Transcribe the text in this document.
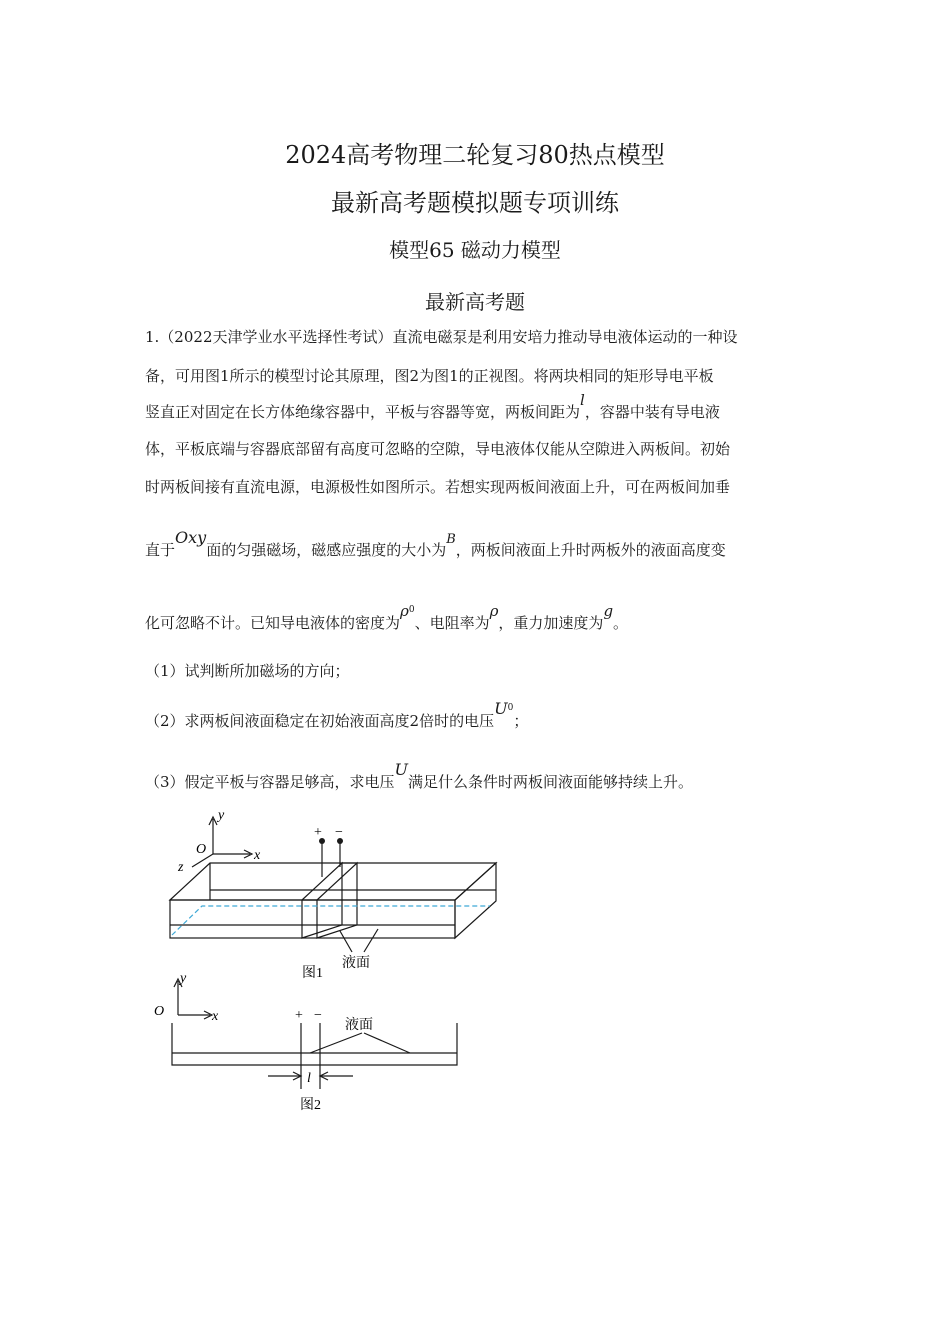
2024高考物理二轮复习80热点模型
最新高考题模拟题专项训练
模型65 磁动力模型
最新高考题
1.（2022天津学业水平选择性考试）直流电磁泵是利用安培力推动导电液体运动的一种设
备，可用图1所示的模型讨论其原理，图2为图1的正视图。将两块相同的矩形导电平板
竖直正对固定在长方体绝缘容器中，平板与容器等宽，两板间距为l，容器中装有导电液
体，平板底端与容器底部留有高度可忽略的空隙，导电液体仅能从空隙进入两板间。初始
时两板间接有直流电源，电源极性如图所示。若想实现两板间液面上升，可在两板间加垂
直于Oxy面的匀强磁场，磁感应强度的大小为B，两板间液面上升时两板外的液面高度变
化可忽略不计。已知导电液体的密度为$\rho^0$、电阻率为ρ，重力加速度为g。
（1）试判断所加磁场的方向；
（2）求两板间液面稳定在初始液面高度2倍时的电压$U^0$；
（3）假定平板与容器足够高，求电压U满足什么条件时两板间液面能够持续上升。
y
x
z
O
+ −
液面
图1
y
x
O	+ −
液面
l
图2
